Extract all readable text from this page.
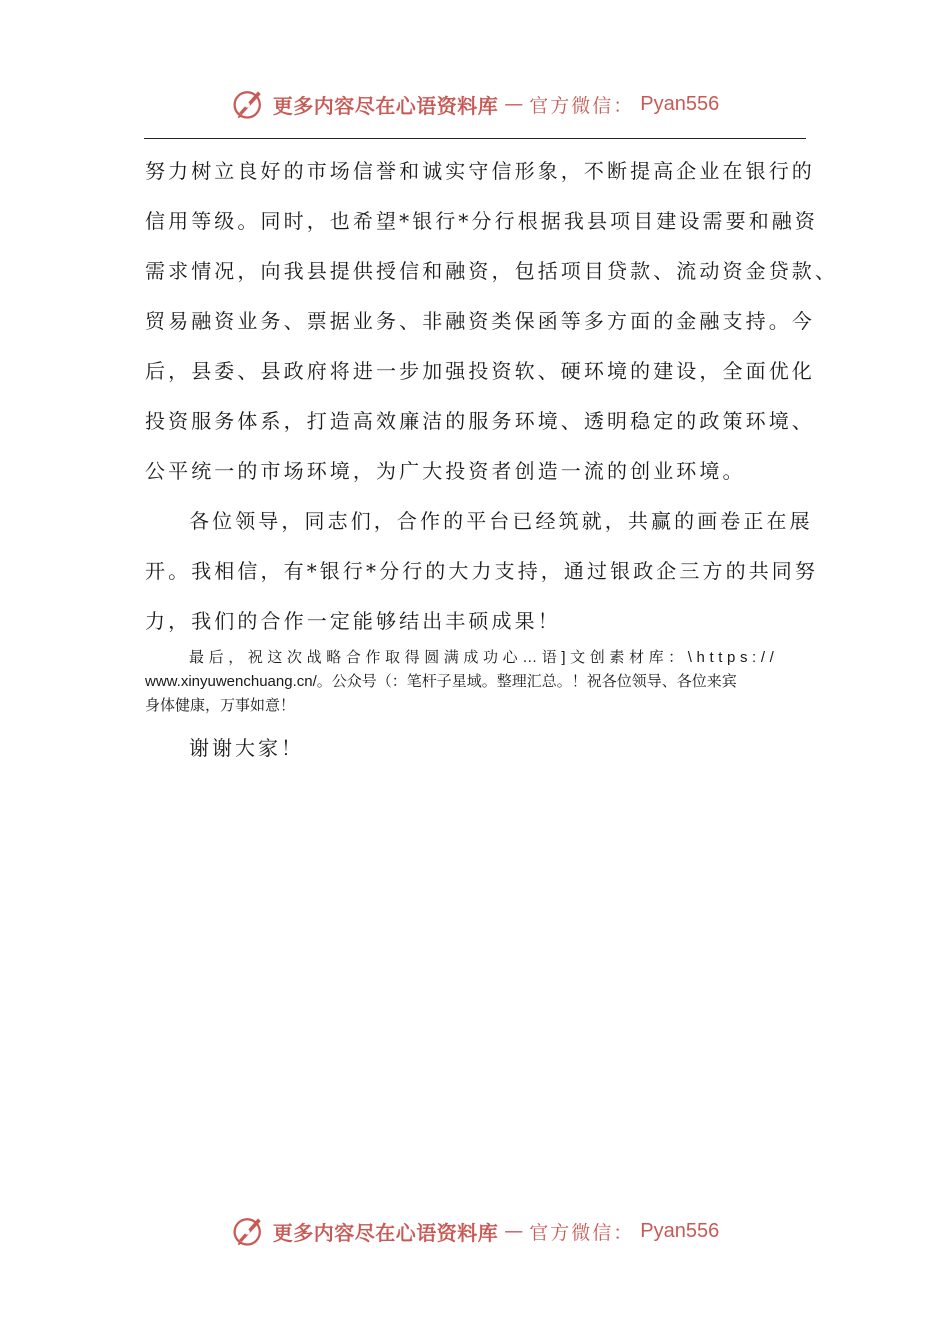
更多内容尽在心语资料库 — 官方微信： Pyan556
努力树立良好的市场信誉和诚实守信形象，不断提高企业在银行的
信用等级。同时，也希望*银行*分行根据我县项目建设需要和融资
需求情况，向我县提供授信和融资，包括项目贷款、流动资金贷款、
贸易融资业务、票据业务、非融资类保函等多方面的金融支持。今
后，县委、县政府将进一步加强投资软、硬环境的建设，全面优化
投资服务体系，打造高效廉洁的服务环境、透明稳定的政策环境、
公平统一的市场环境，为广大投资者创造一流的创业环境。
各位领导，同志们，合作的平台已经筑就，共赢的画卷正在展
开。我相信，有*银行*分行的大力支持，通过银政企三方的共同努
力，我们的合作一定能够结出丰硕成果！
最后，祝这次战略合作取得圆满成功心…语]文创素材库：\https://
www.xinyuwenchuang.cn/。公众号（：笔杆子星域。整理汇总。！祝各位领导、各位来宾
身体健康，万事如意！
谢谢大家！
更多内容尽在心语资料库 — 官方微信： Pyan556
